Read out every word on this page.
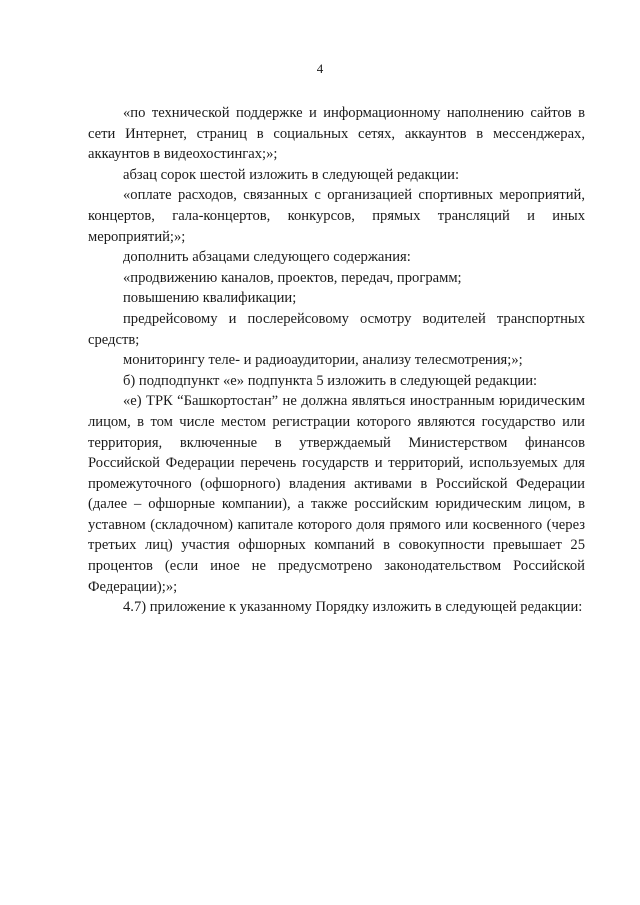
4

«по технической поддержке и информационному наполнению сайтов в сети Интернет, страниц в социальных сетях, аккаунтов в мессенджерах, аккаунтов в видеохостингах;»;

абзац сорок шестой изложить в следующей редакции:

«оплате расходов, связанных с организацией спортивных мероприятий, концертов, гала-концертов, конкурсов, прямых трансляций и иных мероприятий;»;

дополнить абзацами следующего содержания:

«продвижению каналов, проектов, передач, программ;

повышению квалификации;

предрейсовому и послерейсовому осмотру водителей транспортных средств;

мониторингу теле- и радиоаудитории, анализу телесмотрения;»;

б) подподпункт «е» подпункта 5 изложить в следующей редакции:

«е) ТРК “Башкортостан” не должна являться иностранным юридическим лицом, в том числе местом регистрации которого являются государство или территория, включенные в утверждаемый Министерством финансов Российской Федерации перечень государств и территорий, используемых для промежуточного (офшорного) владения активами в Российской Федерации (далее – офшорные компании), а также российским юридическим лицом, в уставном (складочном) капитале которого доля прямого или косвенного (через третьих лиц) участия офшорных компаний в совокупности превышает 25 процентов (если иное не предусмотрено законодательством Российской Федерации);»;

4.7) приложение к указанному Порядку изложить в следующей редакции:
